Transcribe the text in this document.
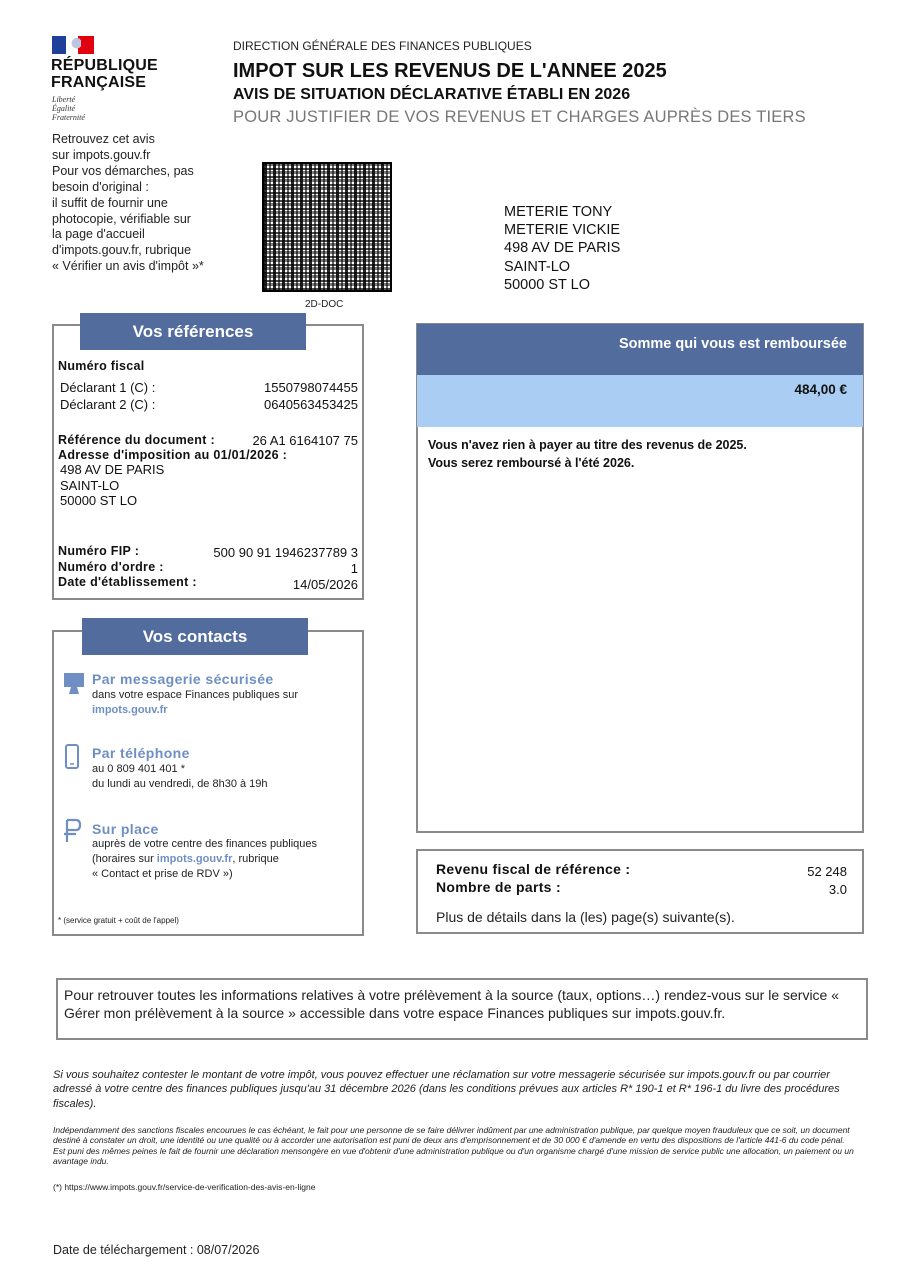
RÉPUBLIQUE
FRANÇAISE
Liberté
Égalité
Fraternité
DIRECTION GÉNÉRALE DES FINANCES PUBLIQUES
IMPOT SUR LES REVENUS DE L'ANNEE 2025
AVIS DE SITUATION DÉCLARATIVE ÉTABLI EN 2026
POUR JUSTIFIER DE VOS REVENUS ET CHARGES AUPRÈS DES TIERS
Retrouvez cet avis
sur impots.gouv.fr
Pour vos démarches, pas
besoin d'original :
il suffit de fournir une
photocopie, vérifiable sur
la page d'accueil
d'impots.gouv.fr, rubrique
« Vérifier un avis d'impôt »*
2D-DOC
METERIE TONY
METERIE VICKIE
498 AV DE PARIS
SAINT-LO
50000 ST LO
Vos références
Numéro fiscal
Déclarant 1 (C) :	1550798074455
Déclarant 2 (C) :	0640563453425
Référence du document :	26 A1 6164107 75
Adresse d'imposition au 01/01/2026 :
498 AV DE PARIS
SAINT-LO
50000 ST LO
Numéro FIP :	500 90 91 1946237789 3
Numéro d'ordre :	1
Date d'établissement :	14/05/2026
Vos contacts
Par messagerie sécurisée
dans votre espace Finances publiques sur
impots.gouv.fr
Par téléphone
au 0 809 401 401 *
du lundi au vendredi, de 8h30 à 19h
Sur place
auprès de votre centre des finances publiques
(horaires sur impots.gouv.fr, rubrique
« Contact et prise de RDV »)
* (service gratuit + coût de l'appel)
Somme qui vous est remboursée
484,00 €
Vous n'avez rien à payer au titre des revenus de 2025.
Vous serez remboursé à l'été 2026.
Revenu fiscal de référence :	52 248
Nombre de parts :	3.0
Plus de détails dans la (les) page(s) suivante(s).
Pour retrouver toutes les informations relatives à votre prélèvement à la source (taux, options…) rendez-vous sur le service « Gérer mon prélèvement à la source » accessible dans votre espace Finances publiques sur impots.gouv.fr.
Si vous souhaitez contester le montant de votre impôt, vous pouvez effectuer une réclamation sur votre messagerie sécurisée sur impots.gouv.fr ou par courrier adressé à votre centre des finances publiques jusqu'au 31 décembre 2026 (dans les conditions prévues aux articles R* 190-1 et R* 196-1 du livre des procédures fiscales).
Indépendamment des sanctions fiscales encourues le cas échéant, le fait pour une personne de se faire délivrer indûment par une administration publique, par quelque moyen frauduleux que ce soit, un document destiné à constater un droit, une identité ou une qualité ou à accorder une autorisation est puni de deux ans d'emprisonnement et de 30 000 € d'amende en vertu des dispositions de l'article 441-6 du code pénal.
Est puni des mêmes peines le fait de fournir une déclaration mensongère en vue d'obtenir d'une administration publique ou d'un organisme chargé d'une mission de service public une allocation, un paiement ou un avantage indu.
(*) https://www.impots.gouv.fr/service-de-verification-des-avis-en-ligne
Date de téléchargement : 08/07/2026
